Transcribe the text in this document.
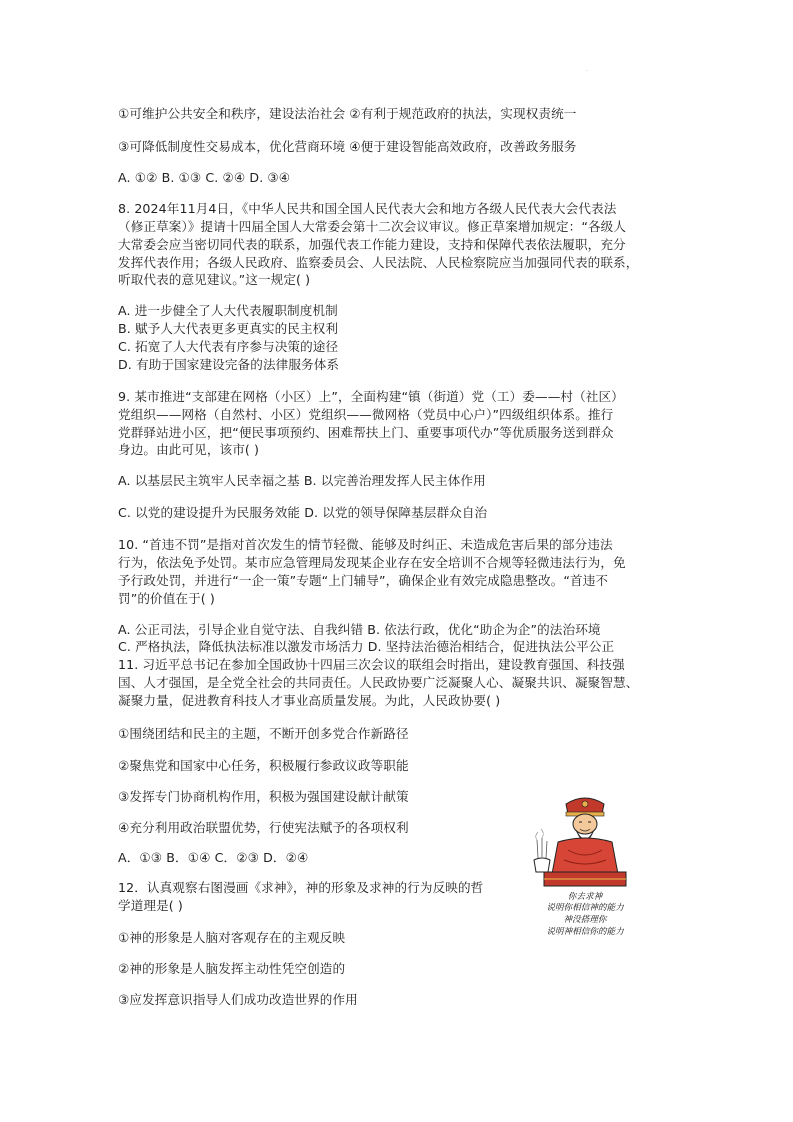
.

①可维护公共安全和秩序，建设法治社会 ②有利于规范政府的执法，实现权责统一

③可降低制度性交易成本，优化营商环境 ④便于建设智能高效政府，改善政务服务

A. ①② B. ①③ C. ②④ D. ③④

8. 2024年11月4日，《中华人民共和国全国人民代表大会和地方各级人民代表大会代表法

（修正草案）》提请十四届全国人大常委会第十二次会议审议。修正草案增加规定：“各级人

大常委会应当密切同代表的联系，加强代表工作能力建设，支持和保障代表依法履职，充分

发挥代表作用；各级人民政府、监察委员会、人民法院、人民检察院应当加强同代表的联系，

听取代表的意见建议。”这一规定( )

A. 进一步健全了人大代表履职制度机制

B. 赋予人大代表更多更真实的民主权利

C. 拓宽了人大代表有序参与决策的途径

D. 有助于国家建设完备的法律服务体系

9. 某市推进“支部建在网格（小区）上”，全面构建“镇（街道）党（工）委——村（社区）

党组织——网格（自然村、小区）党组织——微网格（党员中心户）”四级组织体系。推行

党群驿站进小区，把“便民事项预约、困难帮扶上门、重要事项代办”等优质服务送到群众

身边。由此可见，该市( )

A. 以基层民主筑牢人民幸福之基 B. 以完善治理发挥人民主体作用

C. 以党的建设提升为民服务效能 D. 以党的领导保障基层群众自治

10. “首违不罚”是指对首次发生的情节轻微、能够及时纠正、未造成危害后果的部分违法

行为，依法免予处罚。某市应急管理局发现某企业存在安全培训不合规等轻微违法行为，免

予行政处罚，并进行“一企一策”专题“上门辅导”，确保企业有效完成隐患整改。“首违不

罚”的价值在于( )

A. 公正司法，引导企业自觉守法、自我纠错 B. 依法行政，优化“助企为企”的法治环境

C. 严格执法，降低执法标准以激发市场活力 D. 坚持法治德治相结合，促进执法公平公正

11. 习近平总书记在参加全国政协十四届三次会议的联组会时指出，建设教育强国、科技强

国、人才强国，是全党全社会的共同责任。人民政协要广泛凝聚人心、凝聚共识、凝聚智慧、

凝聚力量，促进教育科技人才事业高质量发展。为此，人民政协要( )

①围绕团结和民主的主题，不断开创多党合作新路径

②聚焦党和国家中心任务，积极履行参政议政等职能

③发挥专门协商机构作用，积极为强国建设献计献策

④充分利用政治联盟优势，行使宪法赋予的各项权利

A．①③ B．①④ C．②③ D．②④

12．认真观察右图漫画《求神》，神的形象及求神的行为反映的哲

学道理是( )

①神的形象是人脑对客观存在的主观反映

②神的形象是人脑发挥主动性凭空创造的

③应发挥意识指导人们成功改造世界的作用

你去求神
说明你相信神的能力
神没搭理你
说明神相信你的能力
